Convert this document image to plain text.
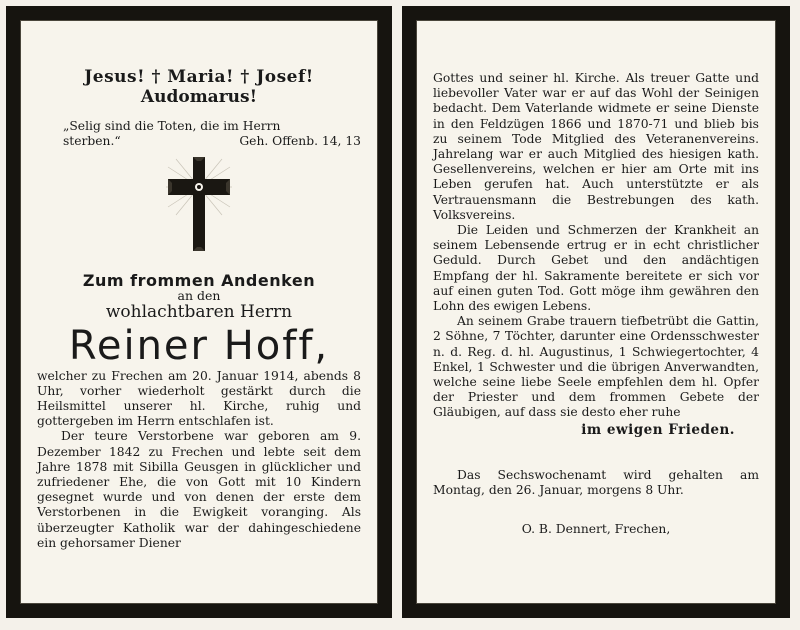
Jesus! † Maria! † Josef!
Audomarus!
„Selig sind die Toten, die im Herrn
sterben.“	Geh. Offenb. 14, 13
Zum frommen Andenken
an den
wohlachtbaren Herrn
Reiner Hoff,
welcher zu Frechen am 20. Januar 1914, abends 8 Uhr, vorher wiederholt gestärkt durch die Heilsmittel unserer hl. Kirche, ruhig und gottergeben im Herrn entschlafen ist.
Der teure Verstorbene war geboren am 9. Dezember 1842 zu Frechen und lebte seit dem Jahre 1878 mit Sibilla Geusgen in glücklicher und zufriedener Ehe, die von Gott mit 10 Kindern gesegnet wurde und von denen der erste dem Verstorbenen in die Ewigkeit voranging. Als überzeugter Katholik war der dahingeschiedene ein gehorsamer Diener
Gottes und seiner hl. Kirche. Als treuer Gatte und liebevoller Vater war er auf das Wohl der Seinigen bedacht. Dem Vaterlande widmete er seine Dienste in den Feldzügen 1866 und 1870-71 und blieb bis zu seinem Tode Mitglied des Veteranenvereins. Jahrelang war er auch Mitglied des hiesigen kath. Gesellenvereins, welchen er hier am Orte mit ins Leben gerufen hat. Auch unterstützte er als Vertrauensmann die Bestrebungen des kath. Volksvereins.
Die Leiden und Schmerzen der Krankheit an seinem Lebensende ertrug er in echt christlicher Geduld. Durch Gebet und den andächtigen Empfang der hl. Sakramente bereitete er sich vor auf einen guten Tod. Gott möge ihm gewähren den Lohn des ewigen Lebens.
An seinem Grabe trauern tiefbetrübt die Gattin, 2 Söhne, 7 Töchter, darunter eine Ordensschwester n. d. Reg. d. hl. Augustinus, 1 Schwiegertochter, 4 Enkel, 1 Schwester und die übrigen Anverwandten, welche seine liebe Seele empfehlen dem hl. Opfer der Priester und dem frommen Gebete der Gläubigen, auf dass sie desto eher ruhe
im ewigen Frieden.
Das Sechswochenamt wird gehalten am Montag, den 26. Januar, morgens 8 Uhr.
O. B. Dennert, Frechen,
